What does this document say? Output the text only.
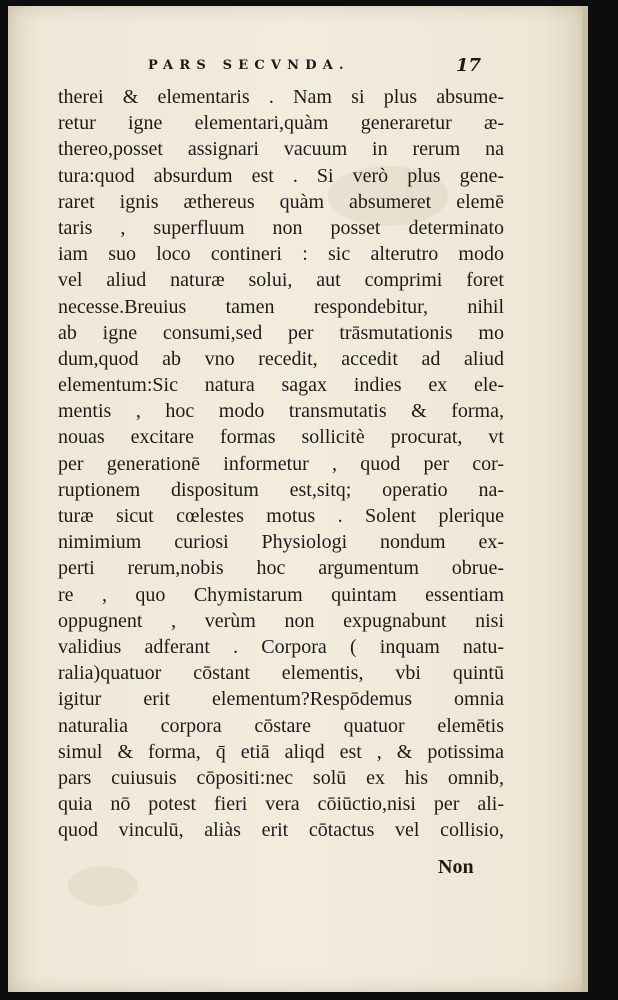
PARS SECVNDA.	17
therei & elementaris . Nam si plus absume-
retur igne elementari,quàm generaretur æ-
thereo,posset assignari vacuum in rerum na
tura:quod absurdum est . Si verò plus gene-
raret ignis æthereus quàm absumeret elemē
taris , superfluum non posset determinato
iam suo loco contineri : sic alterutro modo
vel aliud naturæ solui, aut comprimi foret
necesse.Breuius tamen respondebitur, nihil
ab igne consumi,sed per trāsmutationis mo
dum,quod ab vno recedit, accedit ad aliud
elementum:Sic natura sagax indies ex ele-
mentis , hoc modo transmutatis & forma,
nouas excitare formas sollicitè procurat, vt
per generationē informetur , quod per cor-
ruptionem dispositum est,sitq; operatio na-
turæ sicut cœlestes motus . Solent plerique
nimimium curiosi Physiologi nondum ex-
perti rerum,nobis hoc argumentum obrue-
re , quo Chymistarum quintam essentiam
oppugnent , verùm non expugnabunt nisi
validius adferant . Corpora ( inquam natu-
ralia)quatuor cōstant elementis, vbi quintū
igitur erit elementum?Respōdemus omnia
naturalia corpora cōstare quatuor elemētis
simul & forma, q̄ etiā aliqd est , & potissima
pars cuiusuis cōpositi:nec solū ex his omnib,
quia nō potest fieri vera cōiūctio,nisi per ali-
quod vinculū, aliàs erit cōtactus vel collisio,
Non
